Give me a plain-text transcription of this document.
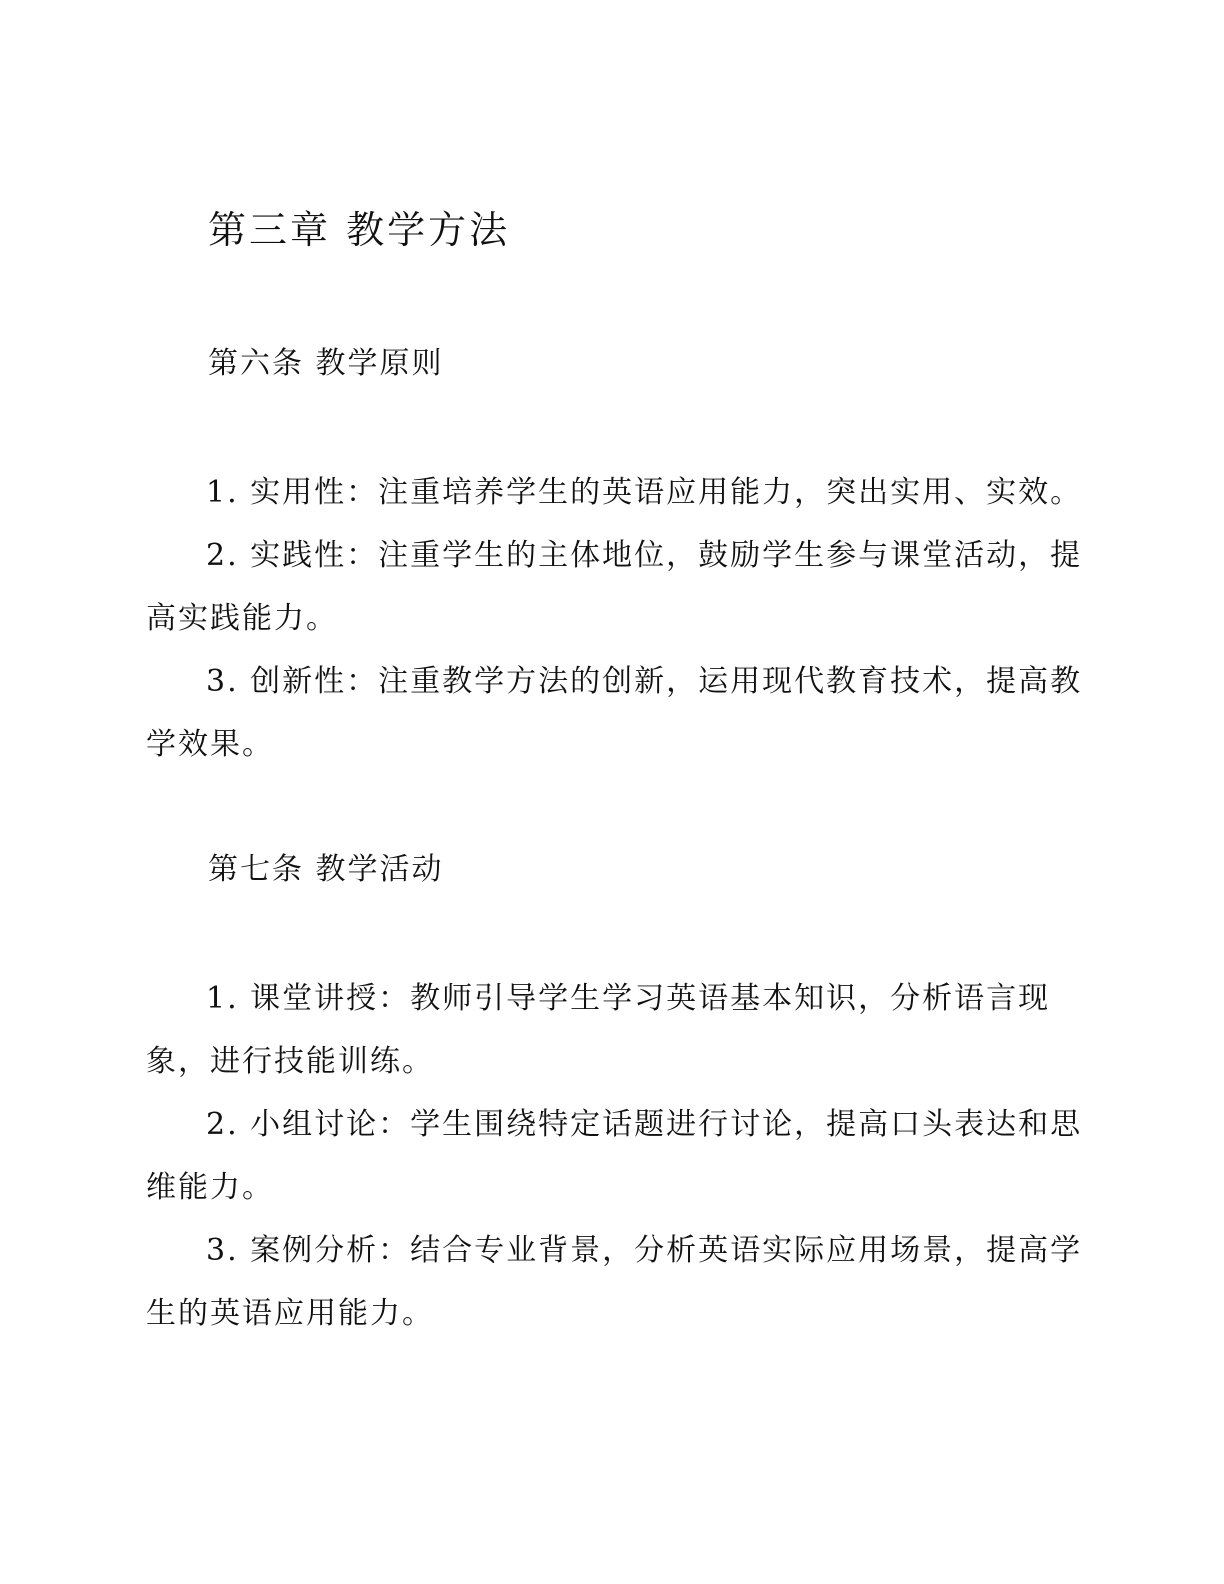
第三章 教学方法
第六条 教学原则

1. 实用性：注重培养学生的英语应用能力，突出实用、实效。

2. 实践性：注重学生的主体地位，鼓励学生参与课堂活动，提高实践能力。

3. 创新性：注重教学方法的创新，运用现代教育技术，提高教学效果。

第七条 教学活动

1. 课堂讲授：教师引导学生学习英语基本知识，分析语言现象，进行技能训练。

2. 小组讨论：学生围绕特定话题进行讨论，提高口头表达和思维能力。

3. 案例分析：结合专业背景，分析英语实际应用场景，提高学生的英语应用能力。
